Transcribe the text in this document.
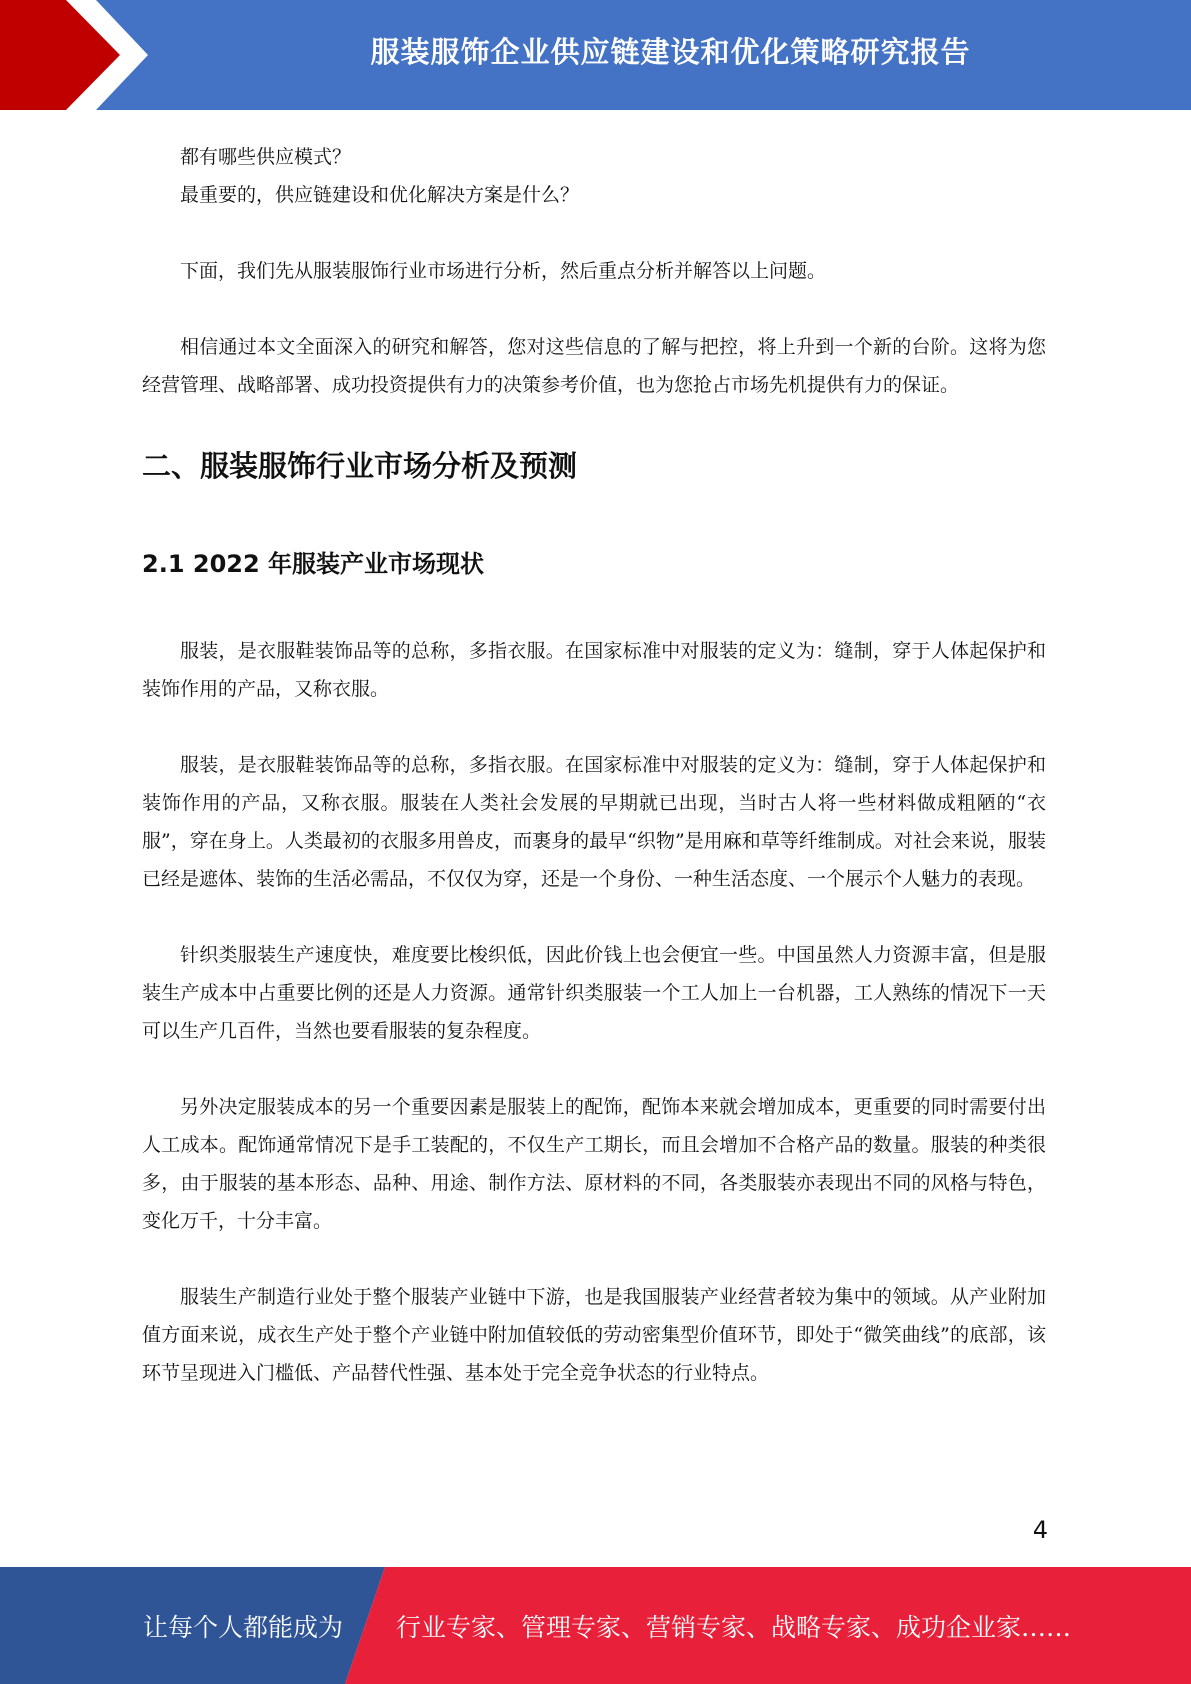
服装服饰企业供应链建设和优化策略研究报告

都有哪些供应模式？

最重要的，供应链建设和优化解决方案是什么？

下面，我们先从服装服饰行业市场进行分析，然后重点分析并解答以上问题。

相信通过本文全面深入的研究和解答，您对这些信息的了解与把控，将上升到一个新的台阶。这将为您经营管理、战略部署、成功投资提供有力的决策参考价值，也为您抢占市场先机提供有力的保证。

二、服装服饰行业市场分析及预测
2.1 2022 年服装产业市场现状

服装，是衣服鞋装饰品等的总称，多指衣服。在国家标准中对服装的定义为：缝制，穿于人体起保护和装饰作用的产品，又称衣服。

服装，是衣服鞋装饰品等的总称，多指衣服。在国家标准中对服装的定义为：缝制，穿于人体起保护和装饰作用的产品，又称衣服。服装在人类社会发展的早期就已出现，当时古人将一些材料做成粗陋的“衣服”，穿在身上。人类最初的衣服多用兽皮，而裹身的最早“织物”是用麻和草等纤维制成。对社会来说，服装已经是遮体、装饰的生活必需品，不仅仅为穿，还是一个身份、一种生活态度、一个展示个人魅力的表现。

针织类服装生产速度快，难度要比梭织低，因此价钱上也会便宜一些。中国虽然人力资源丰富，但是服装生产成本中占重要比例的还是人力资源。通常针织类服装一个工人加上一台机器，工人熟练的情况下一天可以生产几百件，当然也要看服装的复杂程度。

另外决定服装成本的另一个重要因素是服装上的配饰，配饰本来就会增加成本，更重要的同时需要付出人工成本。配饰通常情况下是手工装配的，不仅生产工期长，而且会增加不合格产品的数量。服装的种类很多，由于服装的基本形态、品种、用途、制作方法、原材料的不同，各类服装亦表现出不同的风格与特色，变化万千，十分丰富。

服装生产制造行业处于整个服装产业链中下游，也是我国服装产业经营者较为集中的领域。从产业附加值方面来说，成衣生产处于整个产业链中附加值较低的劳动密集型价值环节，即处于“微笑曲线”的底部，该环节呈现进入门槛低、产品替代性强、基本处于完全竞争状态的行业特点。

4
让每个人都能成为 行业专家、管理专家、营销专家、战略专家、成功企业家……
